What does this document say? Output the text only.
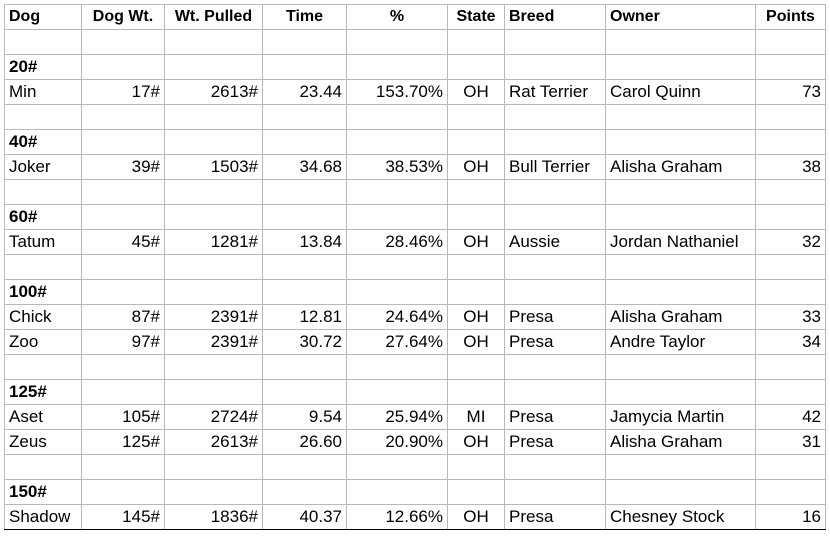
Dog	Dog Wt.	Wt. Pulled	Time	%	State	Breed	Owner	Points

20#								
Min	17#	2613#	23.44	153.70%	OH	Rat Terrier	Carol Quinn	73

40#								
Joker	39#	1503#	34.68	38.53%	OH	Bull Terrier	Alisha Graham	38

60#								
Tatum	45#	1281#	13.84	28.46%	OH	Aussie	Jordan Nathaniel	32

100#								
Chick	87#	2391#	12.81	24.64%	OH	Presa	Alisha Graham	33
Zoo	97#	2391#	30.72	27.64%	OH	Presa	Andre Taylor	34

125#								
Aset	105#	2724#	9.54	25.94%	MI	Presa	Jamycia Martin	42
Zeus	125#	2613#	26.60	20.90%	OH	Presa	Alisha Graham	31

150#								
Shadow	145#	1836#	40.37	12.66%	OH	Presa	Chesney Stock	16
